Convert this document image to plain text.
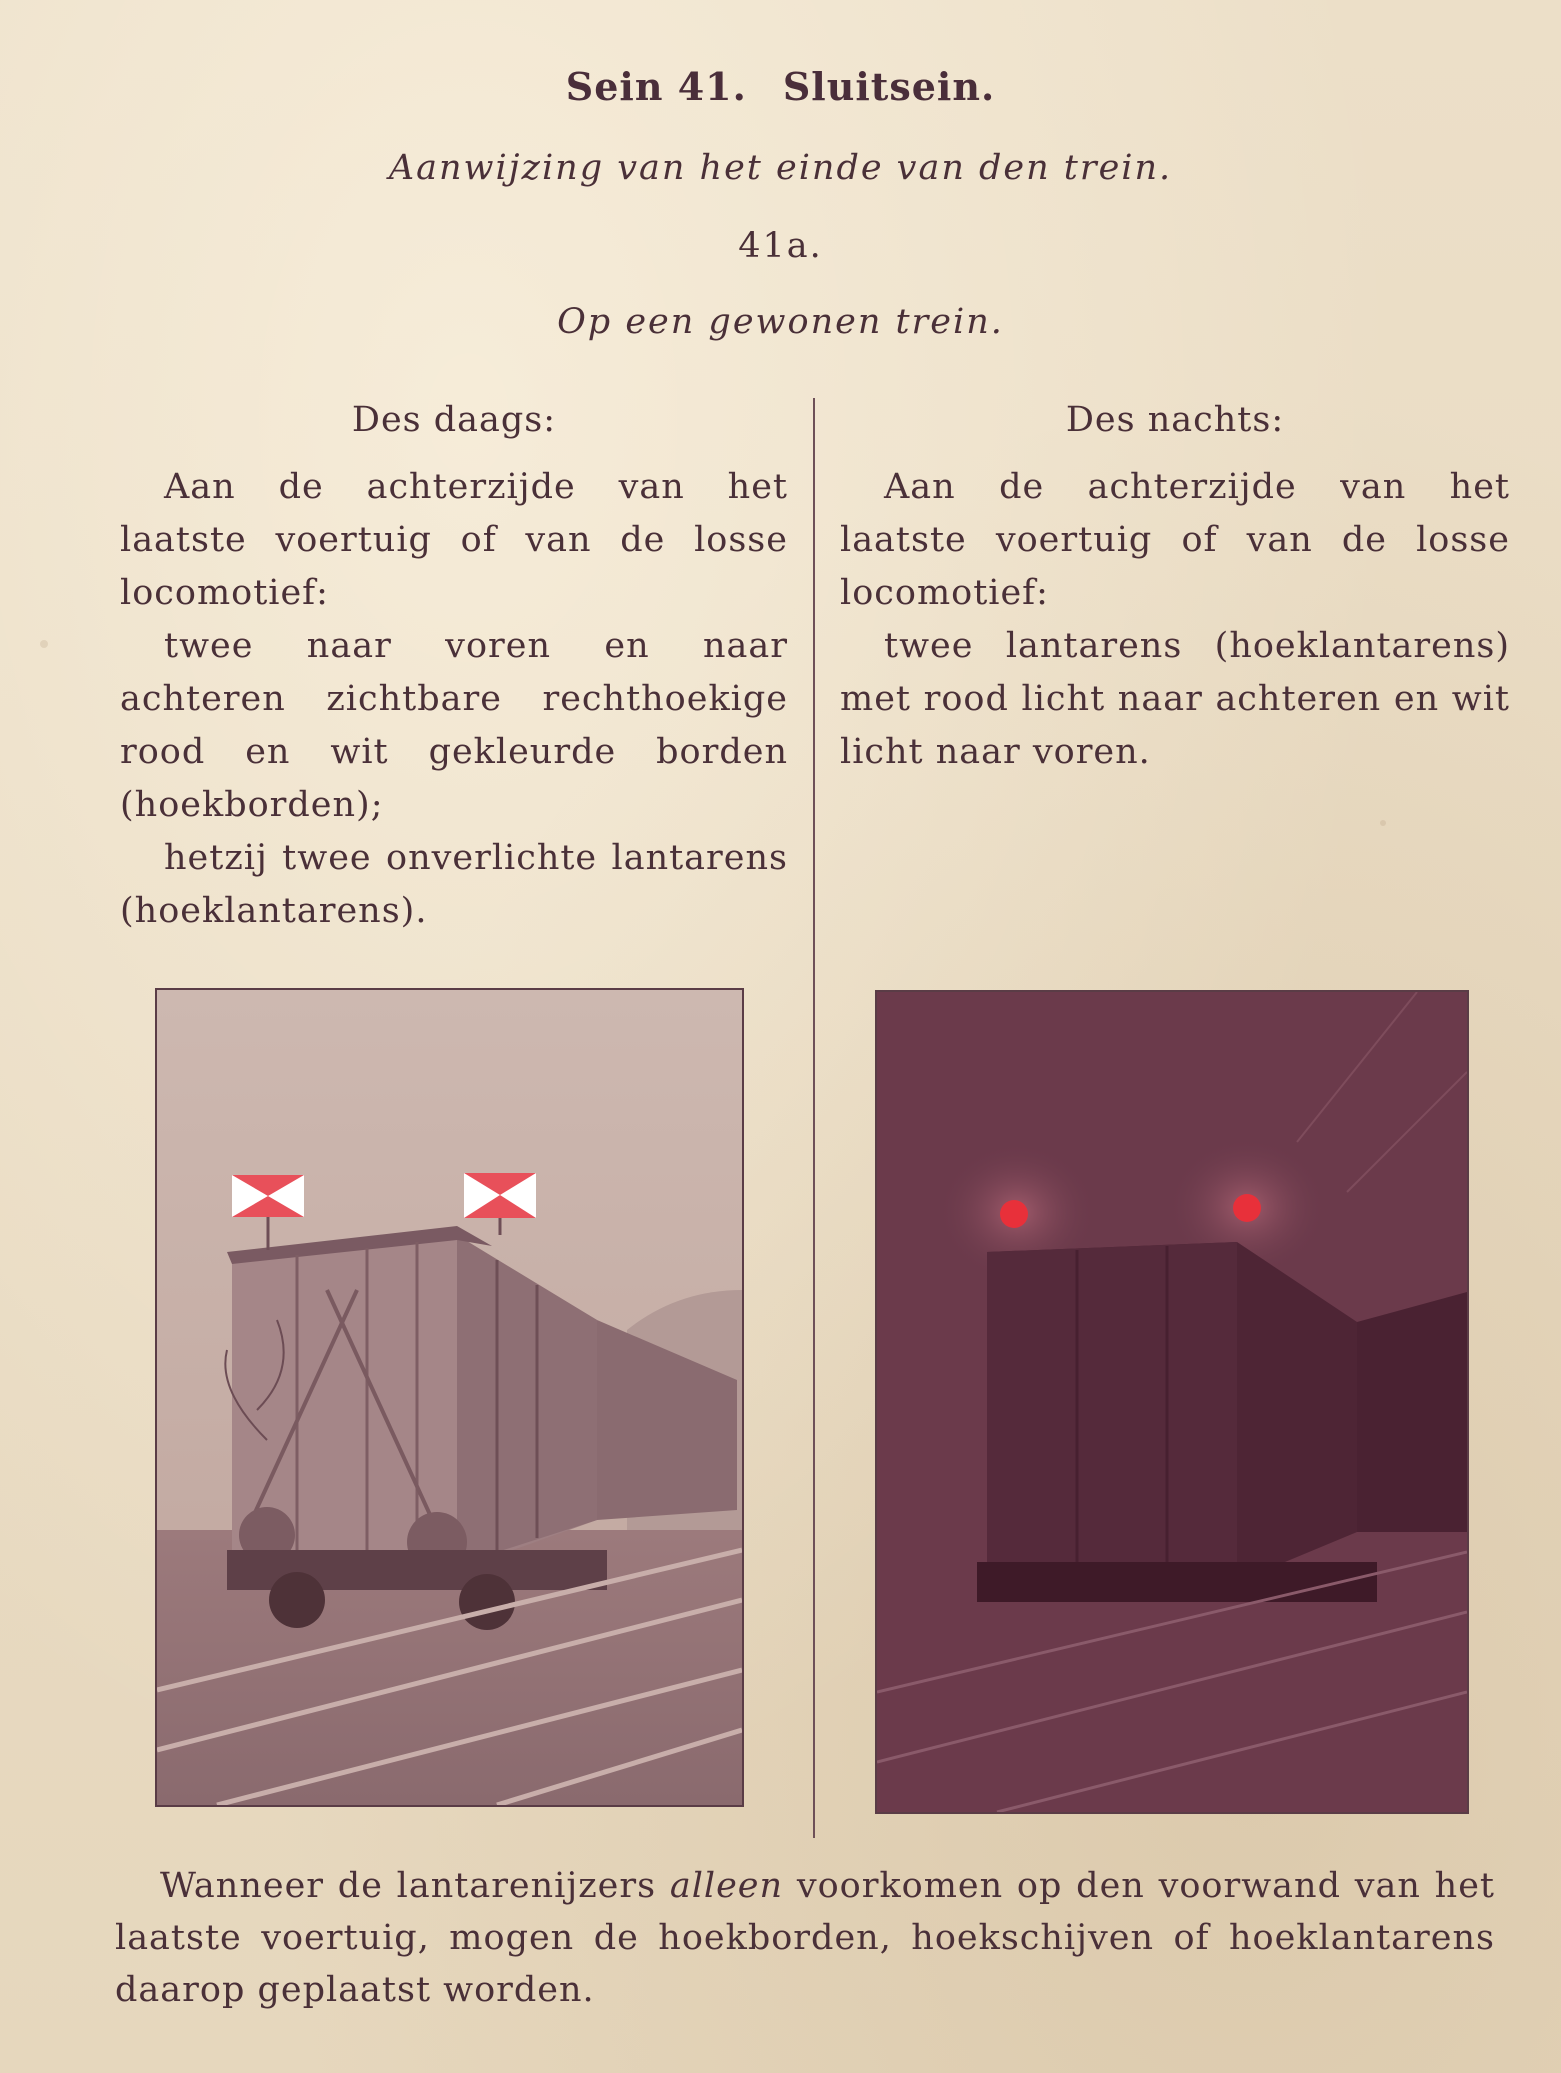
Sein 41. Sluitsein.
Aanwijzing van het einde van den trein.
41a.
Op een gewonen trein.
Des daags:

Aan de achterzijde van het laatste voertuig of van de losse locomotief:

twee naar voren en naar achteren zichtbare rechthoekige rood en wit gekleurde borden (hoekborden);

hetzij twee onverlichte lantarens (hoeklantarens).

Des nachts:

Aan de achterzijde van het laatste voertuig of van de losse locomotief:

twee lantarens (hoeklantarens) met rood licht naar achteren en wit licht naar voren.

Wanneer de lantarenijzers alleen voorkomen op den voorwand van het
laatste voertuig, mogen de hoekborden, hoekschijven of hoeklantarens
daarop geplaatst worden.
